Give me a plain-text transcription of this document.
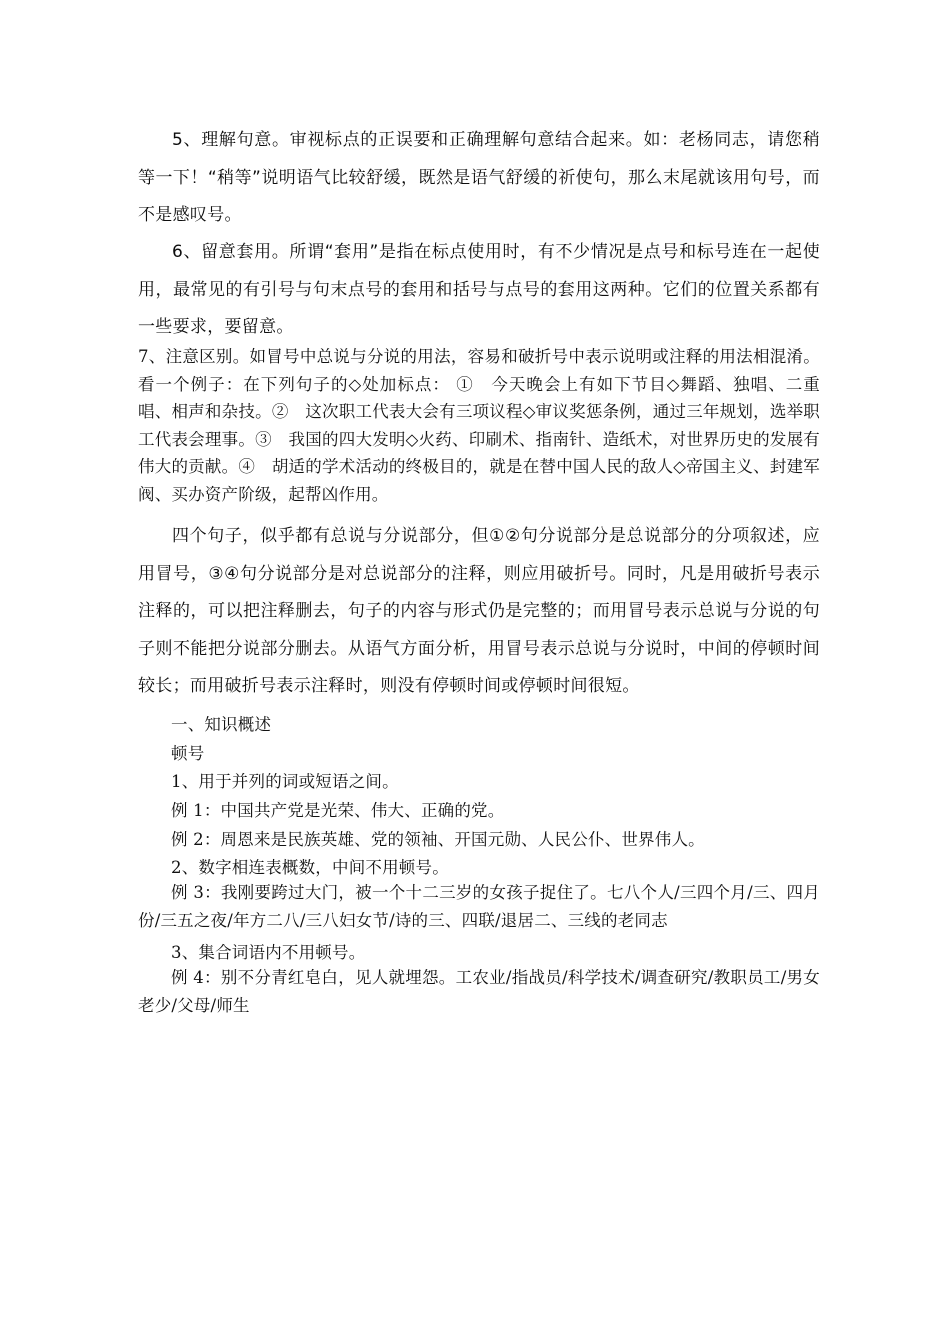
5、理解句意。审视标点的正误要和正确理解句意结合起来。如：老杨同志，请您稍等一下！“稍等”说明语气比较舒缓，既然是语气舒缓的祈使句，那么末尾就该用句号，而不是感叹号。

6、留意套用。所谓“套用”是指在标点使用时，有不少情况是点号和标号连在一起使用，最常见的有引号与句末点号的套用和括号与点号的套用这两种。它们的位置关系都有一些要求，要留意。

7、注意区别。如冒号中总说与分说的用法，容易和破折号中表示说明或注释的用法相混淆。看一个例子：在下列句子的◇处加标点： ①　今天晚会上有如下节目◇舞蹈、独唱、二重唱、相声和杂技。②　这次职工代表大会有三项议程◇审议奖惩条例，通过三年规划，选举职工代表会理事。③　我国的四大发明◇火药、印刷术、指南针、造纸术，对世界历史的发展有伟大的贡献。④　胡适的学术活动的终极目的，就是在替中国人民的敌人◇帝国主义、封建军阀、买办资产阶级，起帮凶作用。

四个句子，似乎都有总说与分说部分，但①②句分说部分是总说部分的分项叙述，应用冒号，③④句分说部分是对总说部分的注释，则应用破折号。同时，凡是用破折号表示注释的，可以把注释删去，句子的内容与形式仍是完整的；而用冒号表示总说与分说的句子则不能把分说部分删去。从语气方面分析，用冒号表示总说与分说时，中间的停顿时间较长；而用破折号表示注释时，则没有停顿时间或停顿时间很短。

一、知识概述

顿号

1、用于并列的词或短语之间。

例 1：中国共产党是光荣、伟大、正确的党。

例 2：周恩来是民族英雄、党的领袖、开国元勋、人民公仆、世界伟人。

2、数字相连表概数，中间不用顿号。

例 3：我刚要跨过大门，被一个十二三岁的女孩子捉住了。七八个人/三四个月/三、四月份/三五之夜/年方二八/三八妇女节/诗的三、四联/退居二、三线的老同志

3、集合词语内不用顿号。

例 4：别不分青红皂白，见人就埋怨。工农业/指战员/科学技术/调查研究/教职员工/男女老少/父母/师生
